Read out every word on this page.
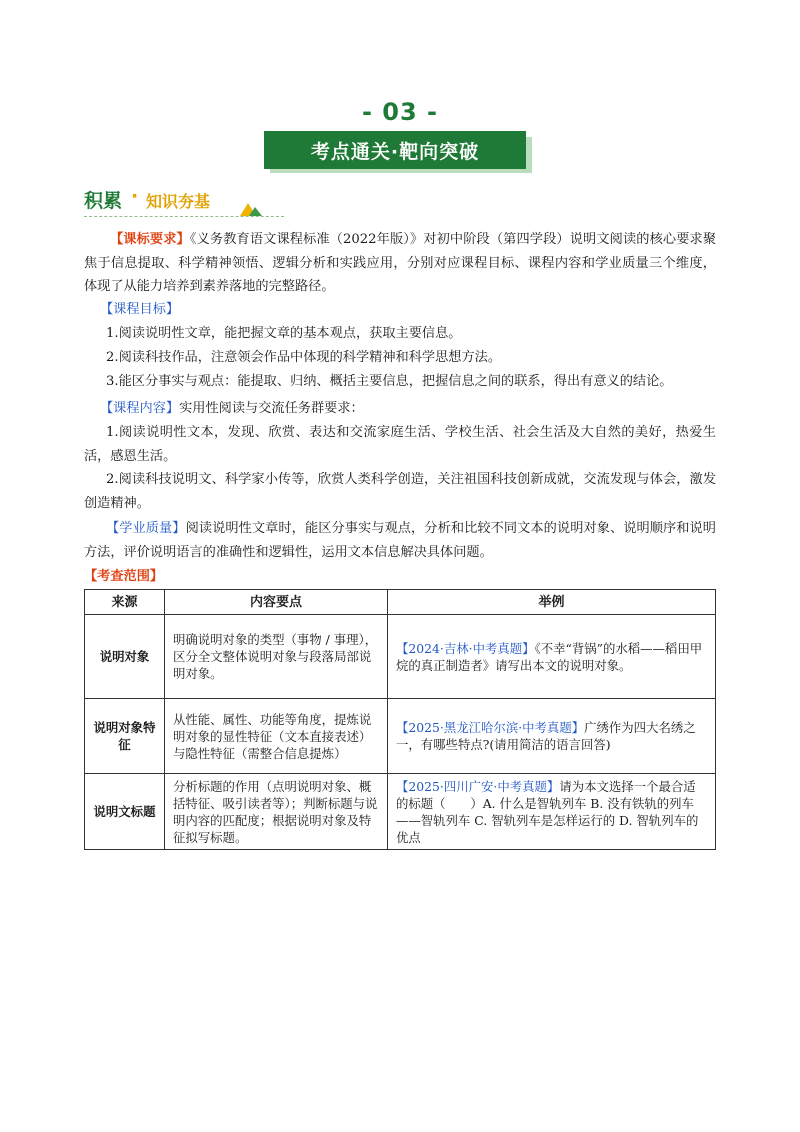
- 03 -
考点通关·靶向突破
积累 · 知识夯基
【课标要求】《义务教育语文课程标准（2022年版）》对初中阶段（第四学段）说明文阅读的核心要求聚焦于信息提取、科学精神领悟、逻辑分析和实践应用，分别对应课程目标、课程内容和学业质量三个维度，体现了从能力培养到素养落地的完整路径。
【课程目标】
1.阅读说明性文章，能把握文章的基本观点，获取主要信息。
2.阅读科技作品，注意领会作品中体现的科学精神和科学思想方法。
3.能区分事实与观点：能提取、归纳、概括主要信息，把握信息之间的联系，得出有意义的结论。
【课程内容】实用性阅读与交流任务群要求：
1.阅读说明性文本，发现、欣赏、表达和交流家庭生活、学校生活、社会生活及大自然的美好，热爱生活，感恩生活。
2.阅读科技说明文、科学家小传等，欣赏人类科学创造，关注祖国科技创新成就，交流发现与体会，激发创造精神。
【学业质量】阅读说明性文章时，能区分事实与观点，分析和比较不同文本的说明对象、说明顺序和说明方法，评价说明语言的准确性和逻辑性，运用文本信息解决具体问题。
【考查范围】
来源	内容要点	举例
说明对象	明确说明对象的类型（事物 / 事理），区分全文整体说明对象与段落局部说明对象。	【2024·吉林·中考真题】《不幸“背锅”的水稻——稻田甲烷的真正制造者》请写出本文的说明对象。
说明对象特征	从性能、属性、功能等角度，提炼说明对象的显性特征（文本直接表述）与隐性特征（需整合信息提炼）	【2025·黑龙江哈尔滨·中考真题】广绣作为四大名绣之一，有哪些特点?(请用简洁的语言回答)
说明文标题	分析标题的作用（点明说明对象、概括特征、吸引读者等）；判断标题与说明内容的匹配度；根据说明对象及特征拟写标题。	【2025·四川广安·中考真题】请为本文选择一个最合适的标题（　　）A. 什么是智轨列车 B. 没有铁轨的列车——智轨列车 C. 智轨列车是怎样运行的 D. 智轨列车的优点
